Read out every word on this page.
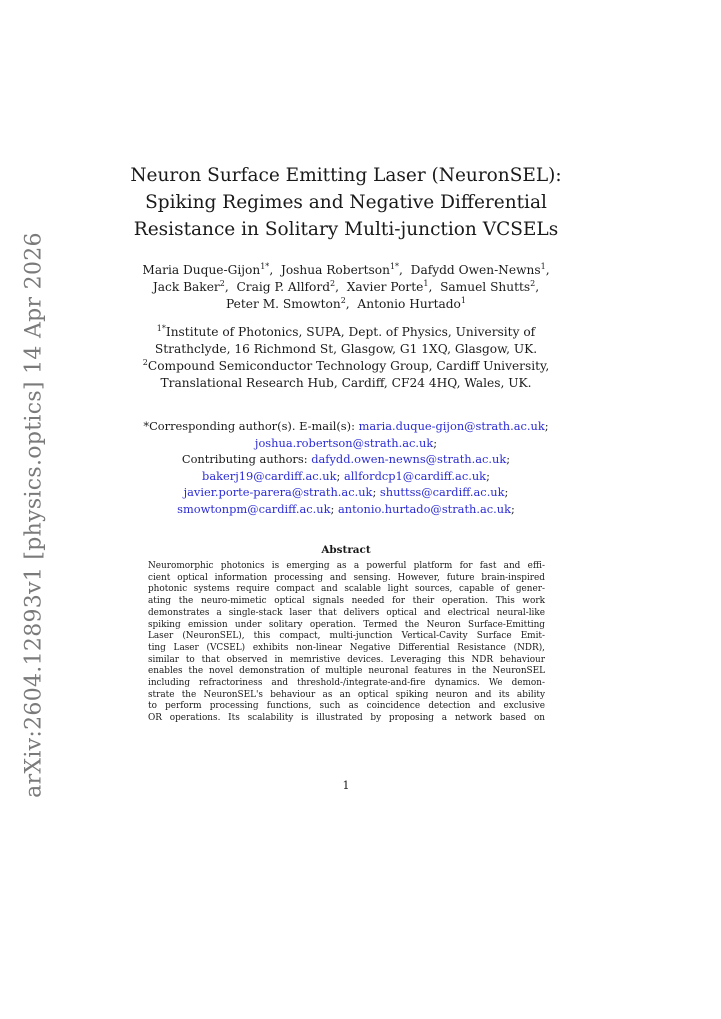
arXiv:2604.12893v1 [physics.optics] 14 Apr 2026
Neuron Surface Emitting Laser (NeuronSEL):
Spiking Regimes and Negative Differential
Resistance in Solitary Multi-junction VCSELs
Maria Duque-Gijon$^{1*}$,  Joshua Robertson$^{1*}$,  Dafydd Owen-Newns$^1$,
Jack Baker$^2$,  Craig P. Allford$^2$,  Xavier Porte$^1$,  Samuel Shutts$^2$,
Peter M. Smowton$^2$,  Antonio Hurtado$^1$
$^{1*}$Institute of Photonics, SUPA, Dept. of Physics, University of
Strathclyde, 16 Richmond St, Glasgow, G1 1XQ, Glasgow, UK.
$^2$Compound Semiconductor Technology Group, Cardiff University,
Translational Research Hub, Cardiff, CF24 4HQ, Wales, UK.
*Corresponding author(s). E-mail(s): maria.duque-gijon@strath.ac.uk;
joshua.robertson@strath.ac.uk;
Contributing authors: dafydd.owen-newns@strath.ac.uk;
bakerj19@cardiff.ac.uk; allfordcp1@cardiff.ac.uk;
javier.porte-parera@strath.ac.uk; shuttss@cardiff.ac.uk;
smowtonpm@cardiff.ac.uk; antonio.hurtado@strath.ac.uk;
Abstract
Neuromorphic photonics is emerging as a powerful platform for fast and effi-
cient optical information processing and sensing. However, future brain-inspired
photonic systems require compact and scalable light sources, capable of gener-
ating the neuro-mimetic optical signals needed for their operation. This work
demonstrates a single-stack laser that delivers optical and electrical neural-like
spiking emission under solitary operation. Termed the Neuron Surface-Emitting
Laser (NeuronSEL), this compact, multi-junction Vertical-Cavity Surface Emit-
ting Laser (VCSEL) exhibits non-linear Negative Differential Resistance (NDR),
similar to that observed in memristive devices. Leveraging this NDR behaviour
enables the novel demonstration of multiple neuronal features in the NeuronSEL
including refractoriness and threshold-/integrate-and-fire dynamics. We demon-
strate the NeuronSEL's behaviour as an optical spiking neuron and its ability
to perform processing functions, such as coincidence detection and exclusive
OR operations. Its scalability is illustrated by proposing a network based on
1
